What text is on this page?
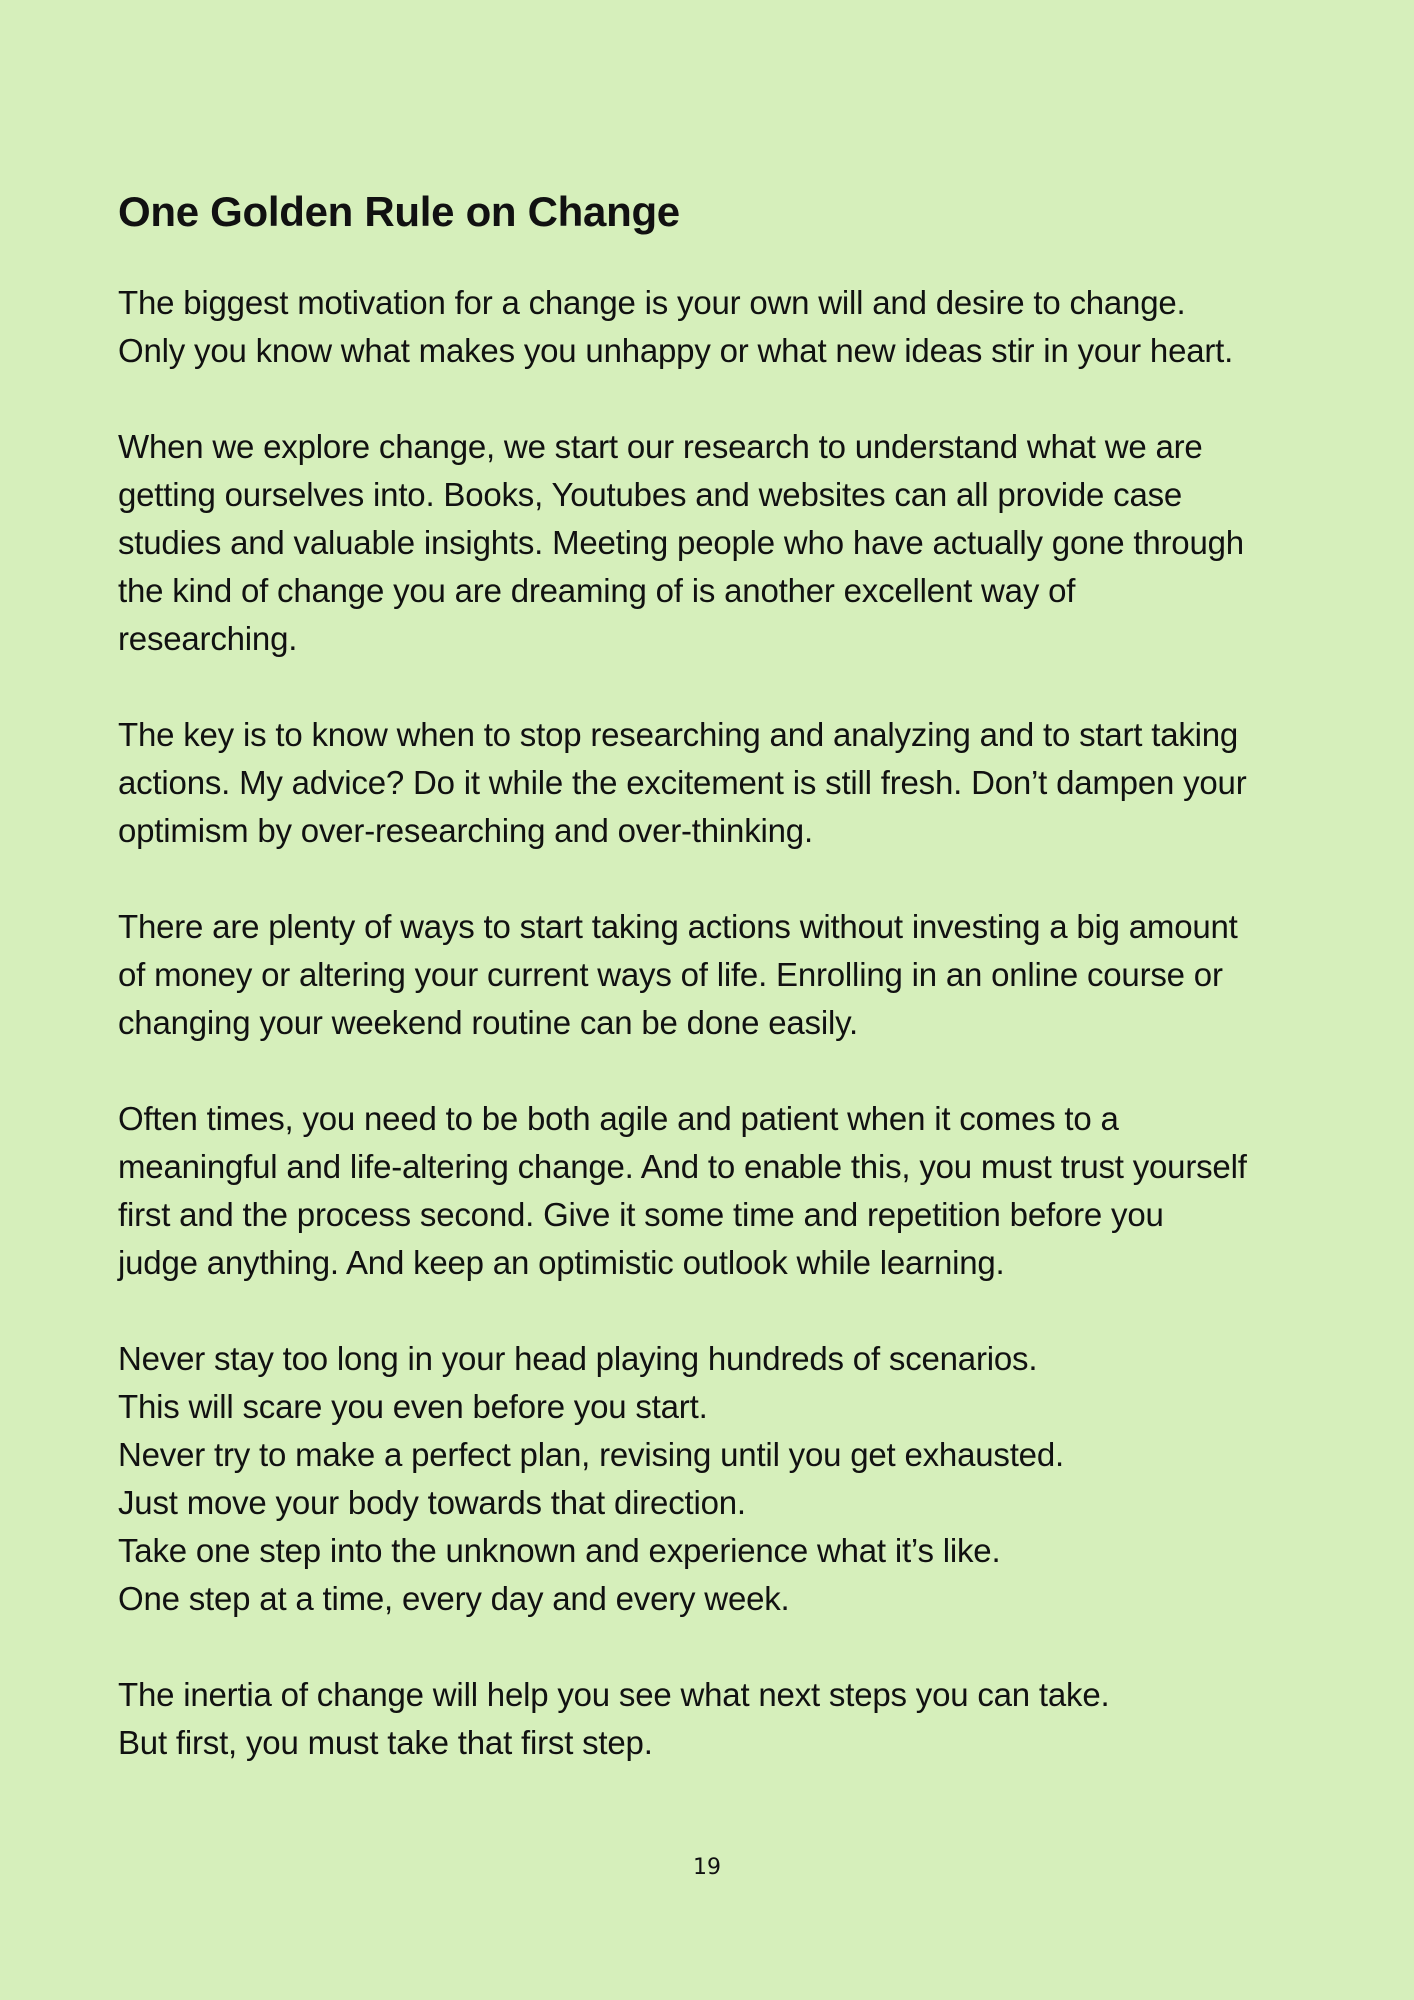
One Golden Rule on Change

The biggest motivation for a change is your own will and desire to change.
Only you know what makes you unhappy or what new ideas stir in your heart.

When we explore change, we start our research to understand what we are
getting ourselves into. Books, Youtubes and websites can all provide case
studies and valuable insights. Meeting people who have actually gone through
the kind of change you are dreaming of is another excellent way of
researching.

The key is to know when to stop researching and analyzing and to start taking
actions. My advice? Do it while the excitement is still fresh. Don’t dampen your
optimism by over-researching and over-thinking.

There are plenty of ways to start taking actions without investing a big amount
of money or altering your current ways of life. Enrolling in an online course or
changing your weekend routine can be done easily.

Often times, you need to be both agile and patient when it comes to a
meaningful and life-altering change. And to enable this, you must trust yourself
first and the process second. Give it some time and repetition before you
judge anything. And keep an optimistic outlook while learning.

Never stay too long in your head playing hundreds of scenarios.
This will scare you even before you start.
Never try to make a perfect plan, revising until you get exhausted.
Just move your body towards that direction.
Take one step into the unknown and experience what it’s like.
One step at a time, every day and every week.

The inertia of change will help you see what next steps you can take.
But first, you must take that first step.

19
